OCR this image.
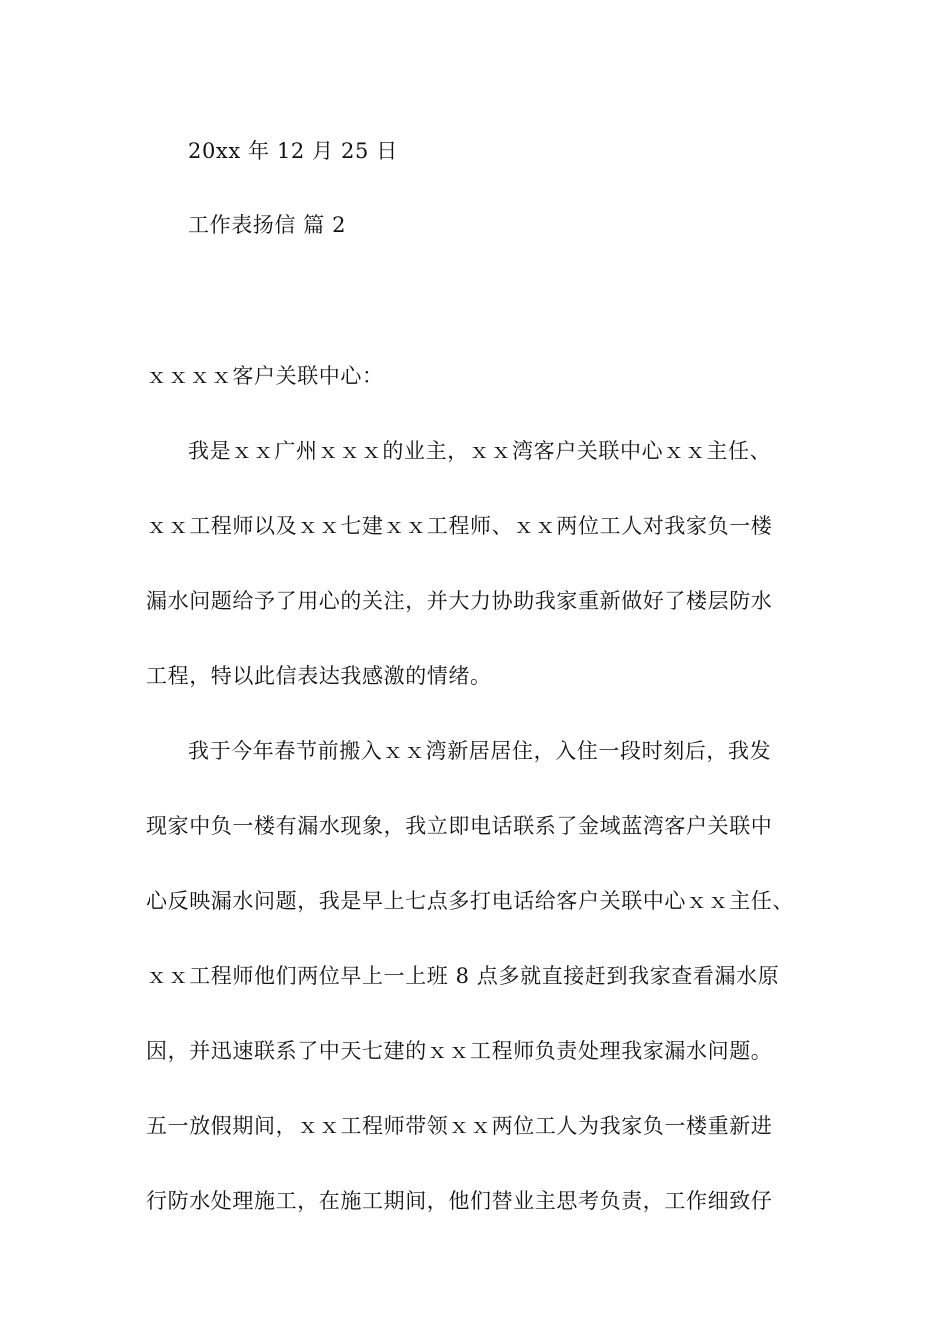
20xx 年 12 月 25 日
工作表扬信 篇 2
ｘｘｘｘ客户关联中心：
我是ｘｘ广州ｘｘｘ的业主，ｘｘ湾客户关联中心ｘｘ主任、
ｘｘ工程师以及ｘｘ七建ｘｘ工程师、ｘｘ两位工人对我家负一楼
漏水问题给予了用心的关注，并大力协助我家重新做好了楼层防水
工程，特以此信表达我感激的情绪。
我于今年春节前搬入ｘｘ湾新居居住，入住一段时刻后，我发
现家中负一楼有漏水现象，我立即电话联系了金域蓝湾客户关联中
心反映漏水问题，我是早上七点多打电话给客户关联中心ｘｘ主任、
ｘｘ工程师他们两位早上一上班 8 点多就直接赶到我家查看漏水原
因，并迅速联系了中天七建的ｘｘ工程师负责处理我家漏水问题。
五一放假期间，ｘｘ工程师带领ｘｘ两位工人为我家负一楼重新进
行防水处理施工，在施工期间，他们替业主思考负责，工作细致仔
